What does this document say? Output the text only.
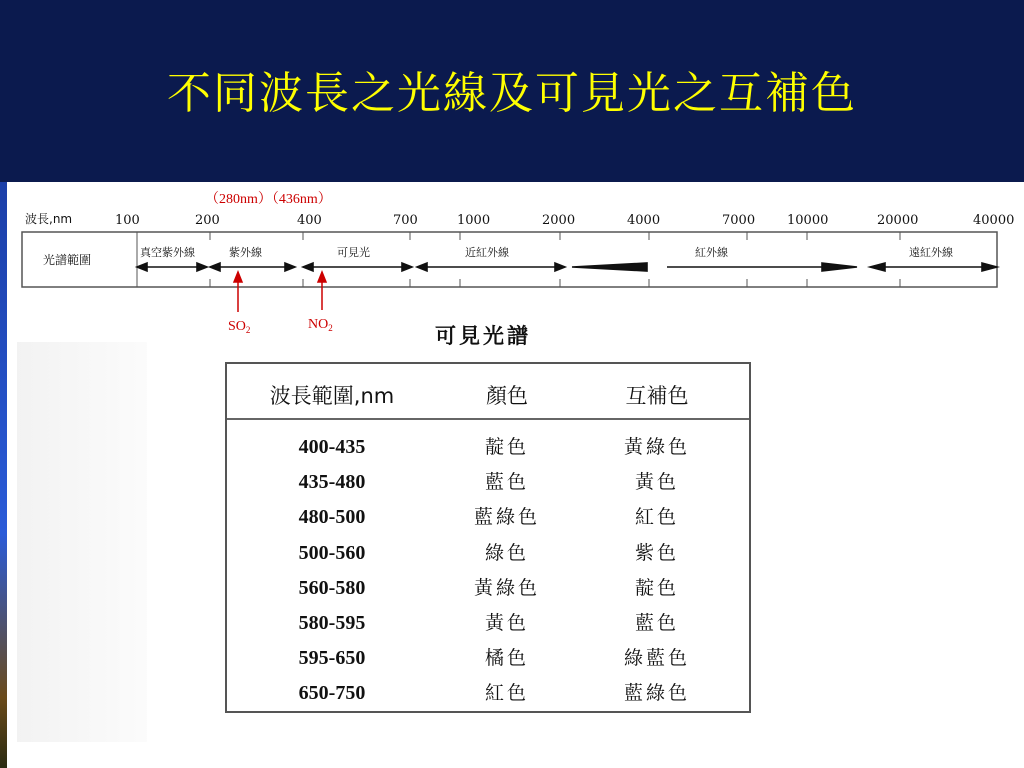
不同波長之光線及可見光之互補色
（280nm）（436nm）
波長,nm	100	200	400	700	1000	2000	4000	7000 10000	20000	40000
光譜範圍
真空紫外線	紫外線	可見光	近紅外線	紅外線	遠紅外線
$SO_2$	$NO_2$	可見光譜
波長範圍,nm	顏色	互補色
400-435	靛色	黃綠色
435-480	藍色	黃色
480-500	藍綠色	紅色
500-560	綠色	紫色
560-580	黃綠色	靛色
580-595	黃色	藍色
595-650	橘色	綠藍色
650-750	紅色	藍綠色
